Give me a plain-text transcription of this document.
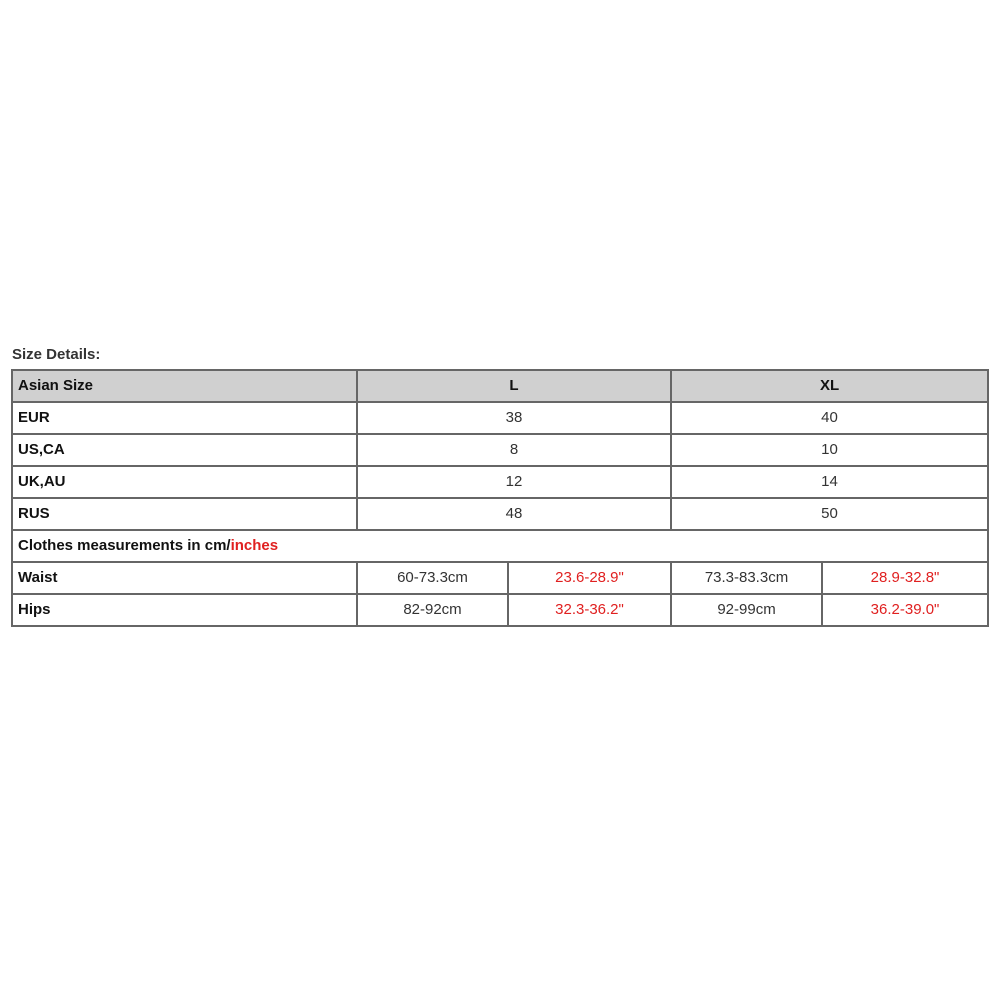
Size Details:
Asian Size	L		XL	
EUR	38		40	
US,CA	8		10	
UK,AU	12		14	
RUS	48		50	
Clothes measurements in cm/inches				
Waist	60-73.3cm	23.6-28.9"	73.3-83.3cm	28.9-32.8"
Hips	82-92cm	32.3-36.2"	92-99cm	36.2-39.0"
